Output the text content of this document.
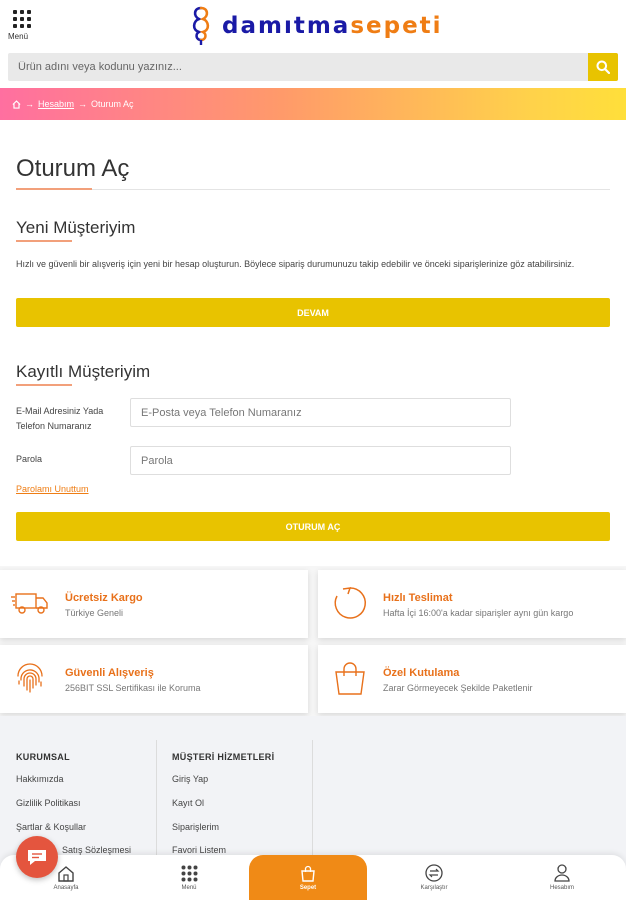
Menü	damıtmasepeti
Ürün adını veya kodunu yazınız...
→ Hesabım → Oturum Aç
Oturum Aç
Yeni Müşteriyim

Hızlı ve güvenli bir alışveriş için yeni bir hesap oluşturun. Böylece sipariş durumunuzu takip edebilir ve önceki siparişlerinize göz atabilirsiniz.

DEVAM
Kayıtlı Müşteriyim
E-Mail Adresiniz Yada Telefon Numaranız
E-Posta veya Telefon Numaranız
Parola
Parolamı Unuttum
OTURUM AÇ
Ücretsiz Kargo
Türkiye Geneli
Hızlı Teslimat
Hafta İçi 16:00'a kadar siparişler aynı gün kargo
Güvenli Alışveriş
256BIT SSL Sertifikası ile Koruma
Özel Kutulama
Zarar Görmeyecek Şekilde Paketlenir
KURUMSAL
Hakkımızda
Gizlilik Politikası
Şartlar & Koşullar
Satış Sözleşmesi
MÜŞTERİ HİZMETLERİ
Giriş Yap
Kayıt Ol
Siparişlerim
Favori Listem
Anasayfa	Menü	Karşılaştır	Hesabım
Sepet
